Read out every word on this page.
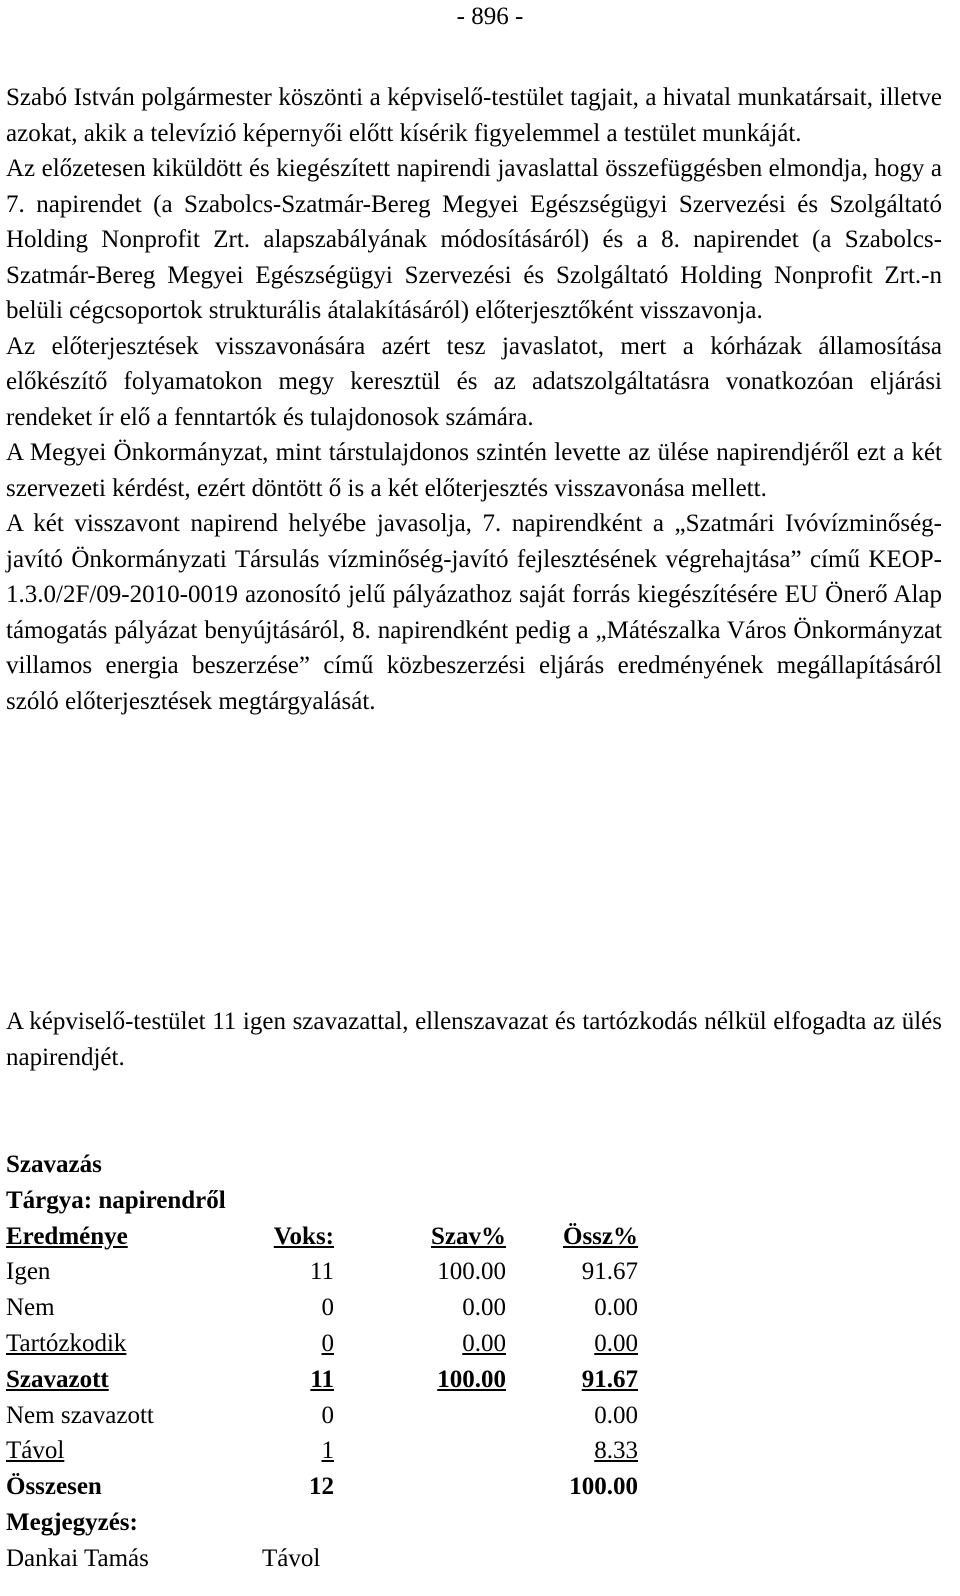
- 896 -

Szabó István polgármester köszönti a képviselő-testület tagjait, a hivatal munkatársait, illetve azokat, akik a televízió képernyői előtt kísérik figyelemmel a testület munkáját.

Az előzetesen kiküldött és kiegészített napirendi javaslattal összefüggésben elmondja, hogy a 7. napirendet (a Szabolcs-Szatmár-Bereg Megyei Egészségügyi Szervezési és Szolgáltató Holding Nonprofit Zrt. alapszabályának módosításáról) és a 8. napirendet (a Szabolcs-Szatmár-Bereg Megyei Egészségügyi Szervezési és Szolgáltató Holding Nonprofit Zrt.-n belüli cégcsoportok strukturális átalakításáról) előterjesztőként visszavonja.

Az előterjesztések visszavonására azért tesz javaslatot, mert a kórházak államosítása előkészítő folyamatokon megy keresztül és az adatszolgáltatásra vonatkozóan eljárási rendeket ír elő a fenntartók és tulajdonosok számára.

A Megyei Önkormányzat, mint társtulajdonos szintén levette az ülése napirendjéről ezt a két szervezeti kérdést, ezért döntött ő is a két előterjesztés visszavonása mellett.

A két visszavont napirend helyébe javasolja, 7. napirendként a „Szatmári Ivóvízminőség-javító Önkormányzati Társulás vízminőség-javító fejlesztésének végrehajtása” című KEOP-1.3.0/2F/09-2010-0019 azonosító jelű pályázathoz saját forrás kiegészítésére EU Önerő Alap támogatás pályázat benyújtásáról, 8. napirendként pedig a „Mátészalka Város Önkormányzat villamos energia beszerzése” című közbeszerzési eljárás eredményének megállapításáról szóló előterjesztések megtárgyalását.

A képviselő-testület 11 igen szavazattal, ellenszavazat és tartózkodás nélkül elfogadta az ülés napirendjét.

Szavazás
Tárgya: napirendről
Eredménye	Voks:	Szav%	Össz%
Igen	11	100.00	91.67
Nem	0	0.00	0.00
Tartózkodik	0	0.00	0.00
Szavazott	11	100.00	91.67
Nem szavazott	0		0.00
Távol	1		8.33
Összesen	12		100.00
Megjegyzés:
Dankai Tamás	Távol
